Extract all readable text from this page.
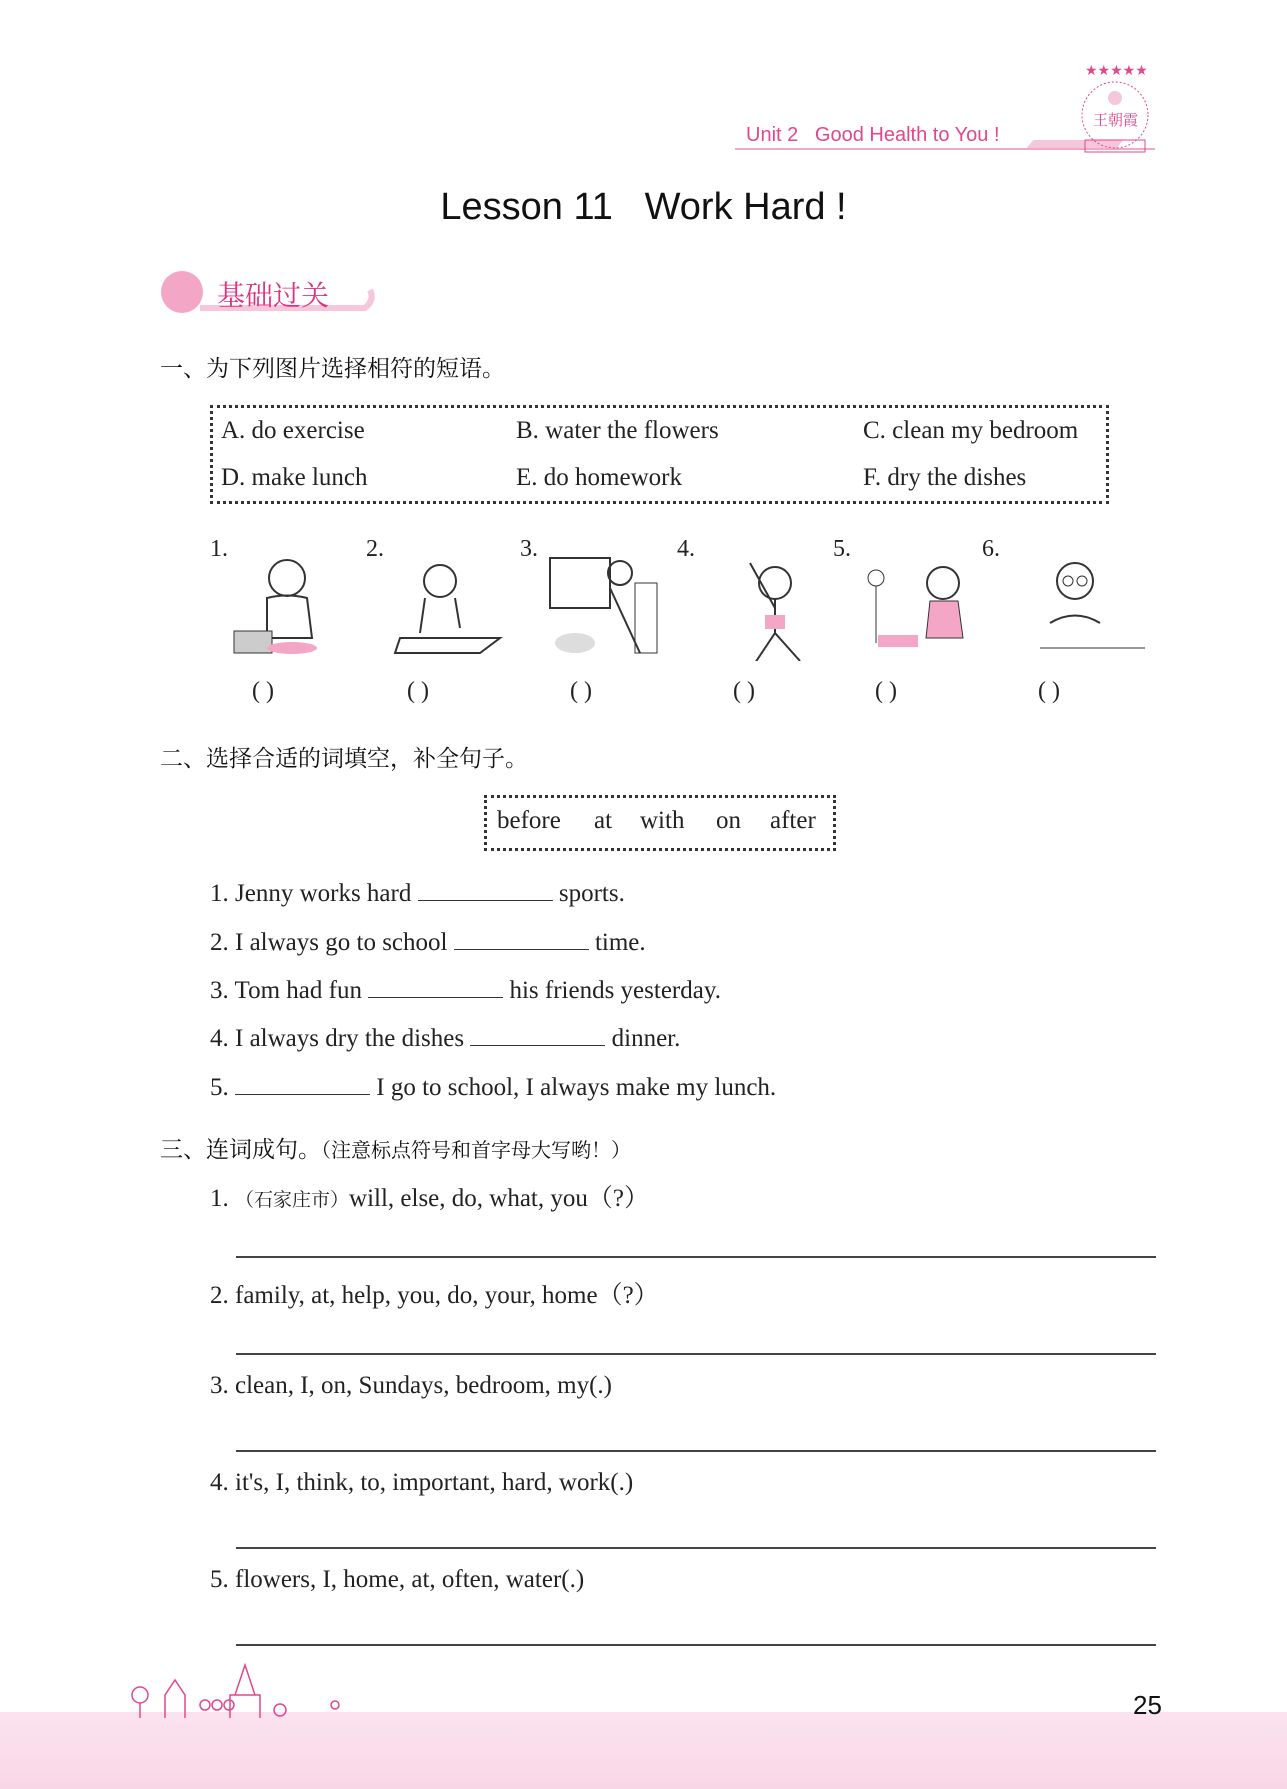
Unit 2 Good Health to You !
★★★★★
王朝霞
Lesson 11   Work Hard !
基础过关
一、为下列图片选择相符的短语。
A. do exercise	B. water the flowers	C. clean my bedroom
D. make lunch	E. do homework	F. dry the dishes
1.	2.	3.	4.	5.	6.
( )	( )	( )	( )	( )	( )
二、选择合适的词填空，补全句子。
before at with on after
1. Jenny works hard	sports.
2. I always go to school	time.
3. Tom had fun	his friends yesterday.
4. I always dry the dishes	dinner.
5.	I go to school, I always make my lunch.
三、连词成句。（注意标点符号和首字母大写哟！）
1. （石家庄市）will, else, do, what, you（?）
2. family, at, help, you, do, your, home（?）
3. clean, I, on, Sundays, bedroom, my(.)
4. it's, I, think, to, important, hard, work(.)
5. flowers, I, home, at, often, water(.)
25
